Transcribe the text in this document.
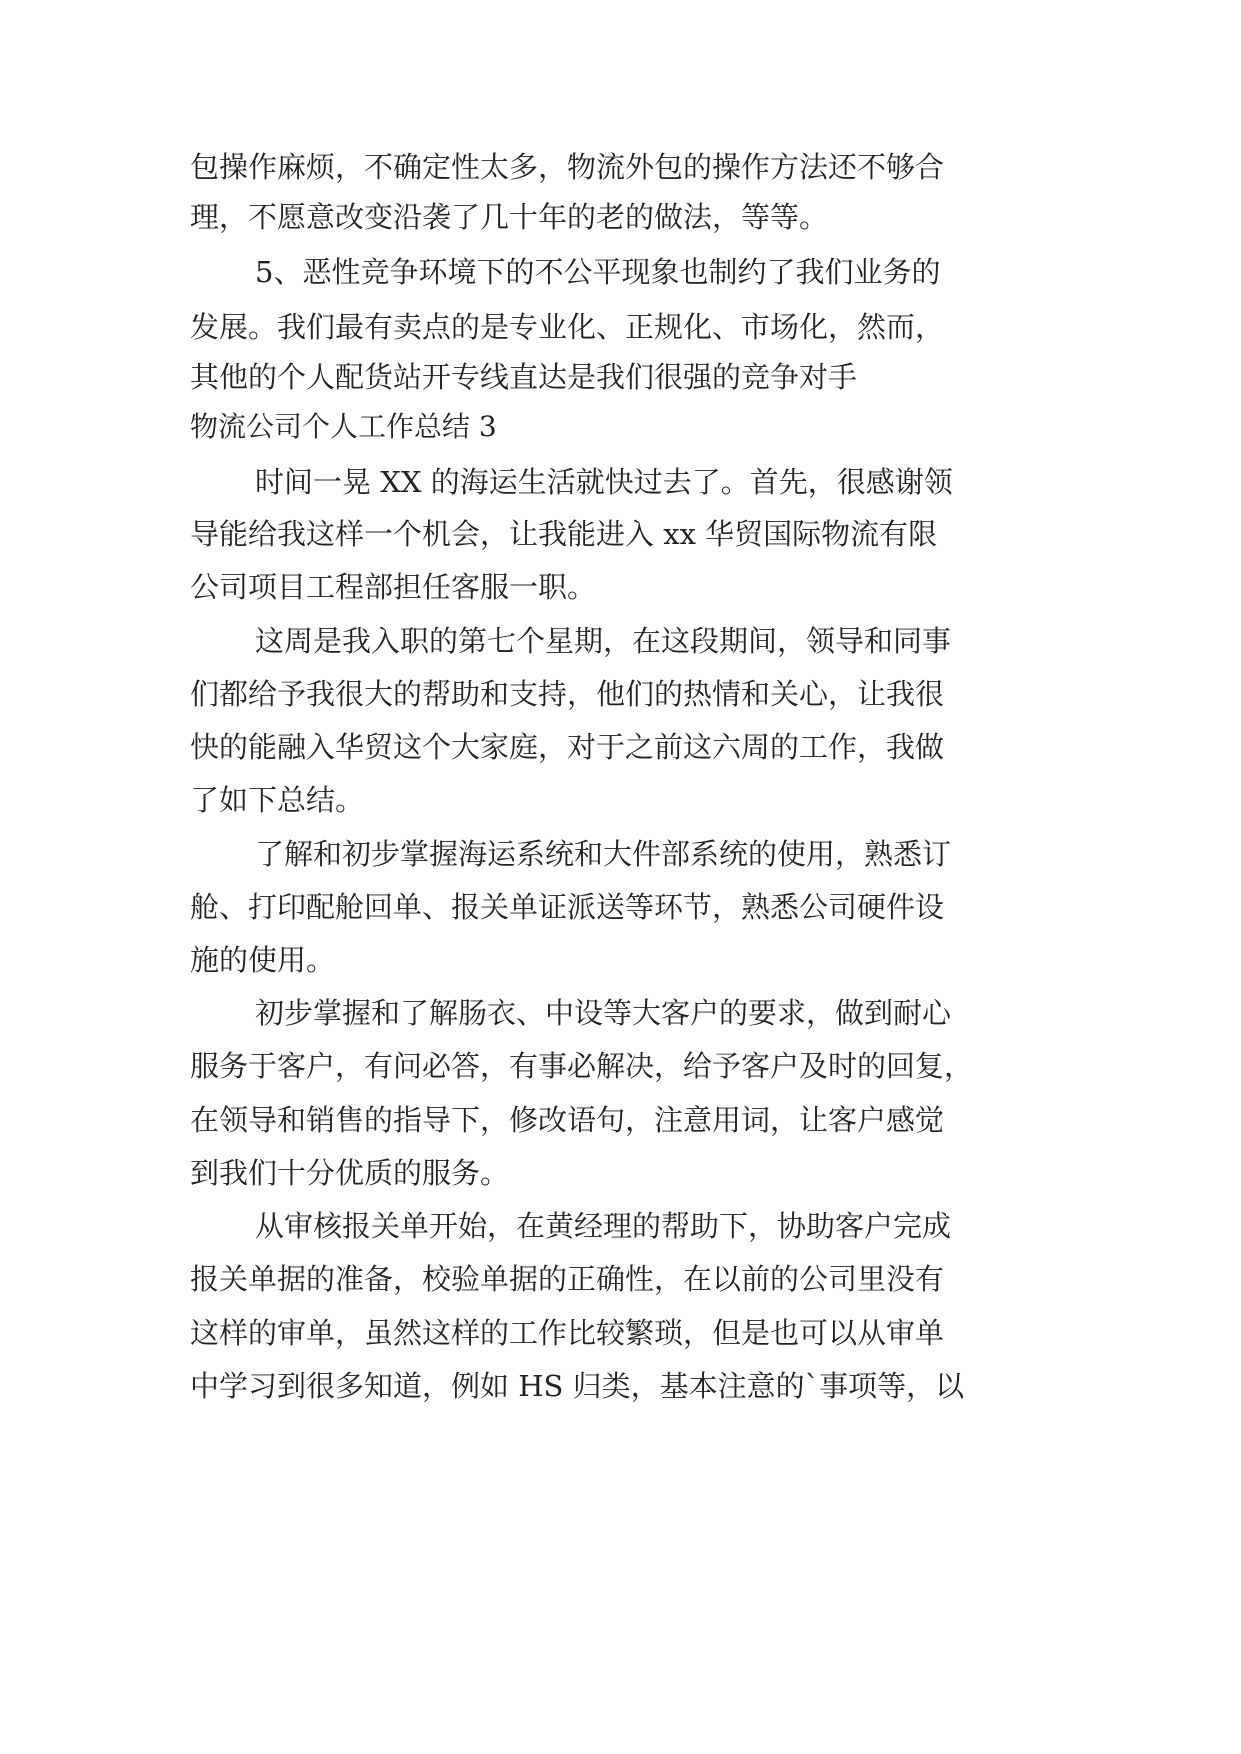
包操作麻烦，不确定性太多，物流外包的操作方法还不够合

理，不愿意改变沿袭了几十年的老的做法，等等。

5、恶性竞争环境下的不公平现象也制约了我们业务的

发展。我们最有卖点的是专业化、正规化、市场化，然而，

其他的个人配货站开专线直达是我们很强的竞争对手

物流公司个人工作总结 3

时间一晃 XX 的海运生活就快过去了。首先，很感谢领

导能给我这样一个机会，让我能进入 xx 华贸国际物流有限

公司项目工程部担任客服一职。

这周是我入职的第七个星期，在这段期间，领导和同事

们都给予我很大的帮助和支持，他们的热情和关心，让我很

快的能融入华贸这个大家庭，对于之前这六周的工作，我做

了如下总结。

了解和初步掌握海运系统和大件部系统的使用，熟悉订

舱、打印配舱回单、报关单证派送等环节，熟悉公司硬件设

施的使用。

初步掌握和了解肠衣、中设等大客户的要求，做到耐心

服务于客户，有问必答，有事必解决，给予客户及时的回复，

在领导和销售的指导下，修改语句，注意用词，让客户感觉

到我们十分优质的服务。

从审核报关单开始，在黄经理的帮助下，协助客户完成

报关单据的准备，校验单据的正确性，在以前的公司里没有

这样的审单，虽然这样的工作比较繁琐，但是也可以从审单

中学习到很多知道，例如 HS 归类，基本注意的`事项等，以
